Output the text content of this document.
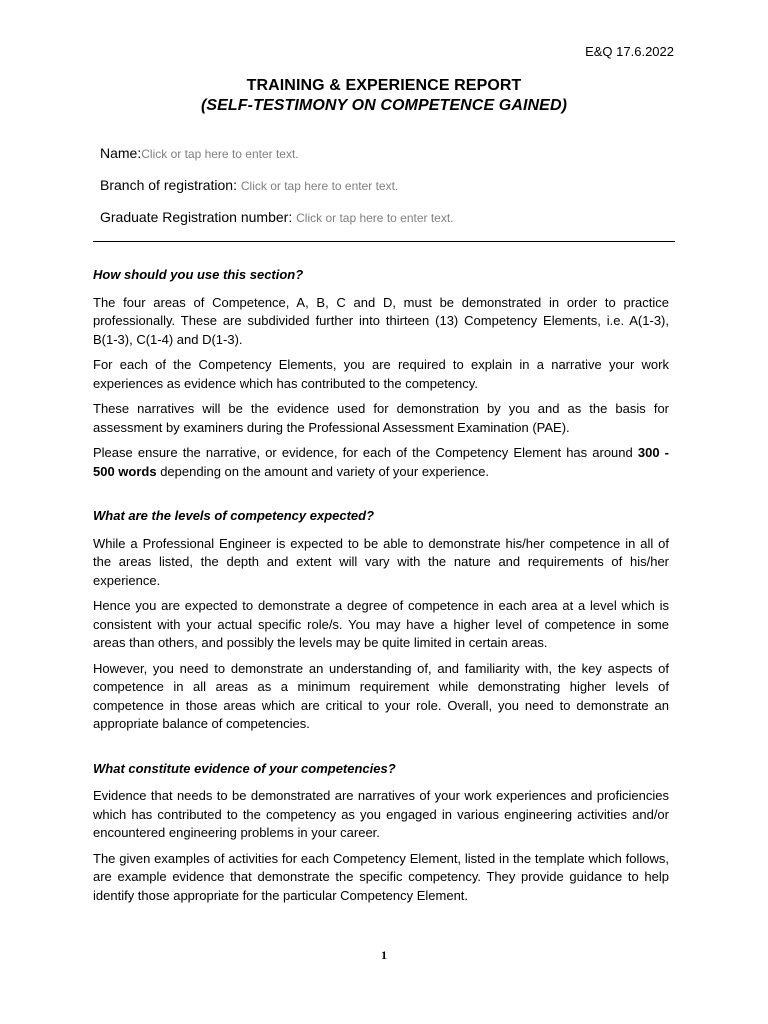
E&Q 17.6.2022
TRAINING & EXPERIENCE REPORT
(SELF-TESTIMONY ON COMPETENCE GAINED)
Name:Click or tap here to enter text.
Branch of registration: Click or tap here to enter text.
Graduate Registration number: Click or tap here to enter text.

How should you use this section?

The four areas of Competence, A, B, C and D, must be demonstrated in order to practice professionally. These are subdivided further into thirteen (13) Competency Elements, i.e. A(1-3), B(1-3), C(1-4) and D(1-3).

For each of the Competency Elements, you are required to explain in a narrative your work experiences as evidence which has contributed to the competency.

These narratives will be the evidence used for demonstration by you and as the basis for assessment by examiners during the Professional Assessment Examination (PAE).

Please ensure the narrative, or evidence, for each of the Competency Element has around 300 - 500 words depending on the amount and variety of your experience.

What are the levels of competency expected?

While a Professional Engineer is expected to be able to demonstrate his/her competence in all of the areas listed, the depth and extent will vary with the nature and requirements of his/her experience.

Hence you are expected to demonstrate a degree of competence in each area at a level which is consistent with your actual specific role/s. You may have a higher level of competence in some areas than others, and possibly the levels may be quite limited in certain areas.

However, you need to demonstrate an understanding of, and familiarity with, the key aspects of competence in all areas as a minimum requirement while demonstrating higher levels of competence in those areas which are critical to your role. Overall, you need to demonstrate an appropriate balance of competencies.

What constitute evidence of your competencies?

Evidence that needs to be demonstrated are narratives of your work experiences and proficiencies which has contributed to the competency as you engaged in various engineering activities and/or encountered engineering problems in your career.

The given examples of activities for each Competency Element, listed in the template which follows, are example evidence that demonstrate the specific competency. They provide guidance to help identify those appropriate for the particular Competency Element.

1
